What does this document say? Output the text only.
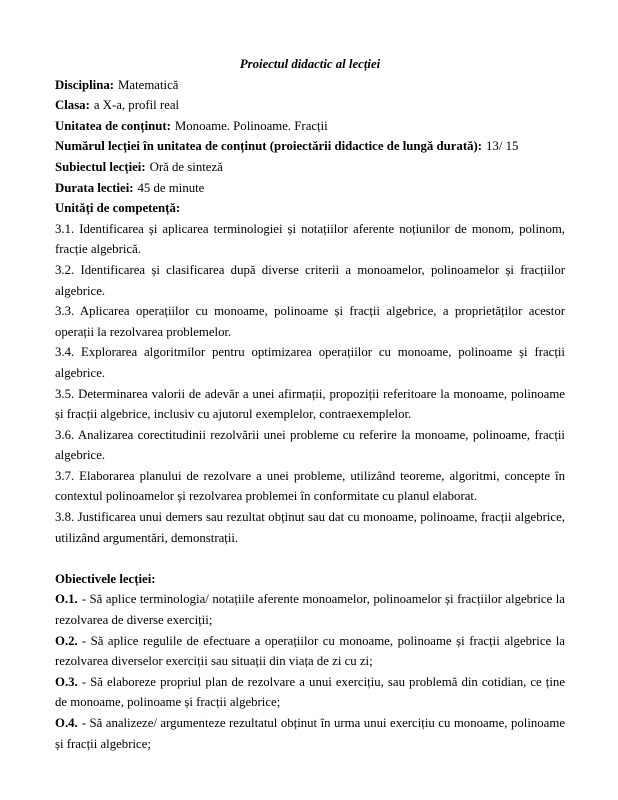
Proiectul didactic al lecției

Disciplina: Matematică

Clasa: a X-a, profil real

Unitatea de conținut: Monoame. Polinoame. Fracții

Numărul lecției în unitatea de conținut (proiectării didactice de lungă durată): 13/ 15

Subiectul lecției: Oră de sinteză

Durata lectiei: 45 de minute

Unități de competență:

3.1. Identificarea și aplicarea terminologiei și notațiilor aferente noțiunilor de monom, polinom, fracție algebrică.

3.2. Identificarea și clasificarea după diverse criterii a monoamelor, polinoamelor și fracțiilor algebrice.

3.3. Aplicarea operațiilor cu monoame, polinoame și fracții algebrice, a proprietăților acestor operații la rezolvarea problemelor.

3.4. Explorarea algoritmilor pentru optimizarea operațiilor cu monoame, polinoame și fracții algebrice.

3.5. Determinarea valorii de adevăr a unei afirmații, propoziții referitoare la monoame, polinoame și fracții algebrice, inclusiv cu ajutorul exemplelor, contraexemplelor.

3.6. Analizarea corectitudinii rezolvării unei probleme cu referire la monoame, polinoame, fracții algebrice.

3.7. Elaborarea planului de rezolvare a unei probleme, utilizând teoreme, algoritmi, concepte în contextul polinoamelor și rezolvarea problemei în conformitate cu planul elaborat.

3.8. Justificarea unui demers sau rezultat obținut sau dat cu monoame, polinoame, fracții algebrice, utilizând argumentări, demonstrații.

Obiectivele lecției:

O.1. - Să aplice terminologia/ notațiile aferente monoamelor, polinoamelor și fracțiilor algebrice la rezolvarea de diverse exerciții;

O.2. - Să aplice regulile de efectuare a operațiilor cu monoame, polinoame și fracții algebrice la rezolvarea diverselor exerciții sau situații din viața de zi cu zi;

O.3. - Să elaboreze propriul plan de rezolvare a unui exercițiu, sau problemă din cotidian, ce ține de monoame, polinoame și fracții algebrice;

O.4. - Să analizeze/ argumenteze rezultatul obținut în urma unui exercițiu cu monoame, polinoame și fracții algebrice;
